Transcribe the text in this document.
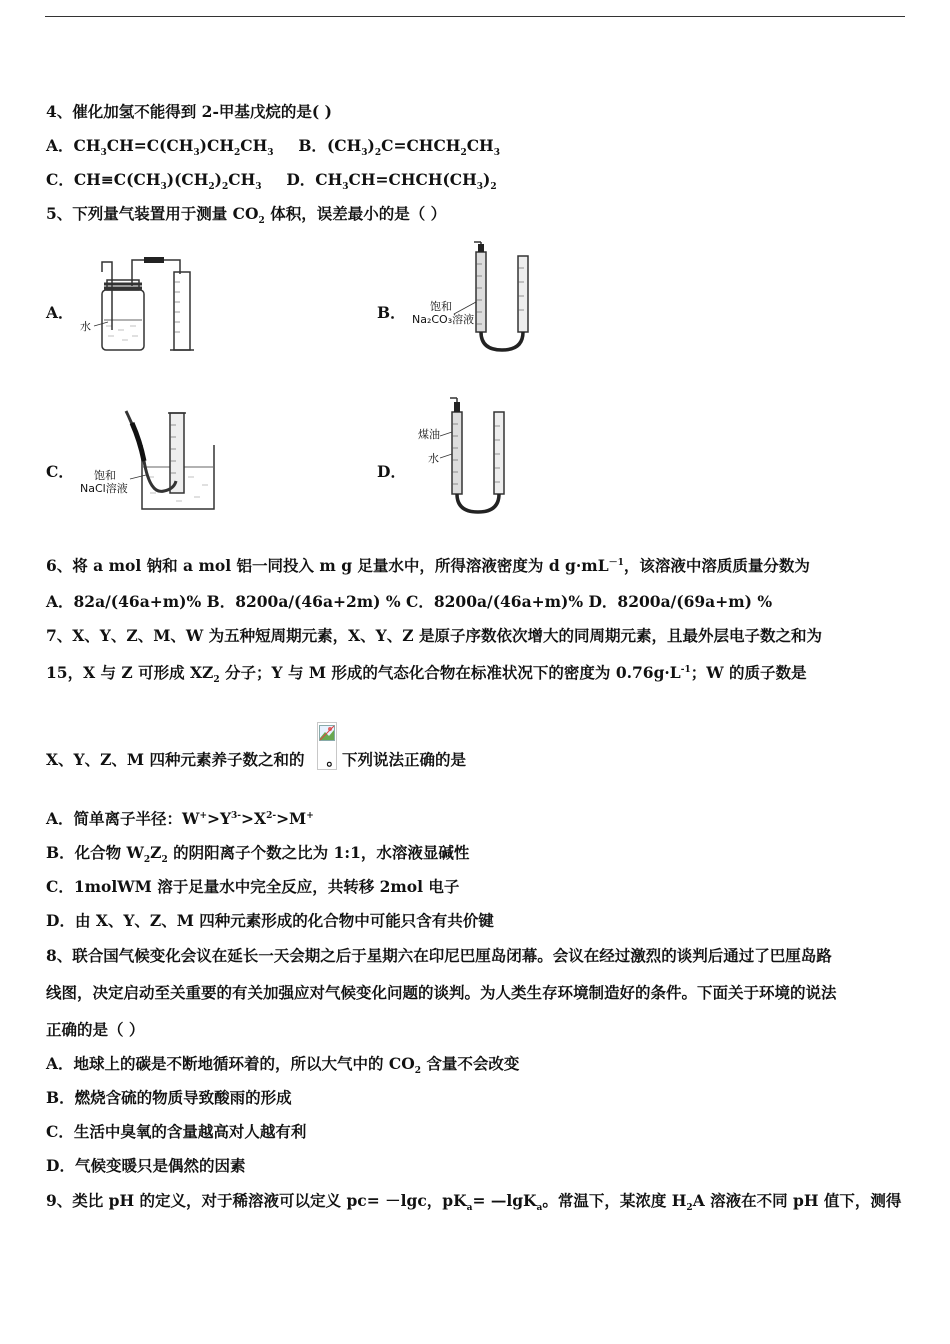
4、催化加氢不能得到 2-甲基戊烷的是( )
A．$CH_3CH=C(CH_3)CH_2CH_3$ B．$(CH_3)_2C=CHCH_2CH_3$
C．$CH\equiv C(CH_3)(CH_2)_2CH_3$ D．$CH_3CH=CHCH(CH_3)_2$
5、下列量气装置用于测量 $CO_2$ 体积，误差最小的是（ ）
A．
水
B． 饱和
Na₂CO₃溶液
C． 饱和
NaCl溶液
D．
煤油
水
6、将 a mol 钠和 a mol 铝一同投入 m g 足量水中，所得溶液密度为 d $g\cdot mL^{-1}$，该溶液中溶质质量分数为
A．82a/(46a+m)% B．8200a/(46a+2m) % C．8200a/(46a+m)% D．8200a/(69a+m) %
7、X、Y、Z、M、W 为五种短周期元素，X、Y、Z 是原子序数依次增大的同周期元素，且最外层电子数之和为
15，X 与 Z 可形成 $XZ_2$ 分子；Y 与 M 形成的气态化合物在标准状况下的密度为 $0.76g\cdot L^{-1}$；W 的质子数是
X、Y、Z、M 四种元素养子数之和的 。下列说法正确的是
A．简单离子半径：$W^+>Y^{3-}>X^{2-}>M^+$
B．化合物 $W_2Z_2$ 的阴阳离子个数之比为 1:1，水溶液显碱性
C．1molWM 溶于足量水中完全反应，共转移 2mol 电子
D．由 X、Y、Z、M 四种元素形成的化合物中可能只含有共价键
8、联合国气候变化会议在延长一天会期之后于星期六在印尼巴厘岛闭幕。会议在经过激烈的谈判后通过了巴厘岛路
线图，决定启动至关重要的有关加强应对气候变化问题的谈判。为人类生存环境制造好的条件。下面关于环境的说法
正确的是（ ）
A．地球上的碳是不断地循环着的，所以大气中的 $CO_2$ 含量不会改变
B．燃烧含硫的物质导致酸雨的形成
C．生活中臭氧的含量越高对人越有利
D．气候变暖只是偶然的因素
9、类比 pH 的定义，对于稀溶液可以定义 pc= －lgc，$pK_a=$ —lgK$_a$。常温下，某浓度 $H_2A$ 溶液在不同 pH 值下，测得
